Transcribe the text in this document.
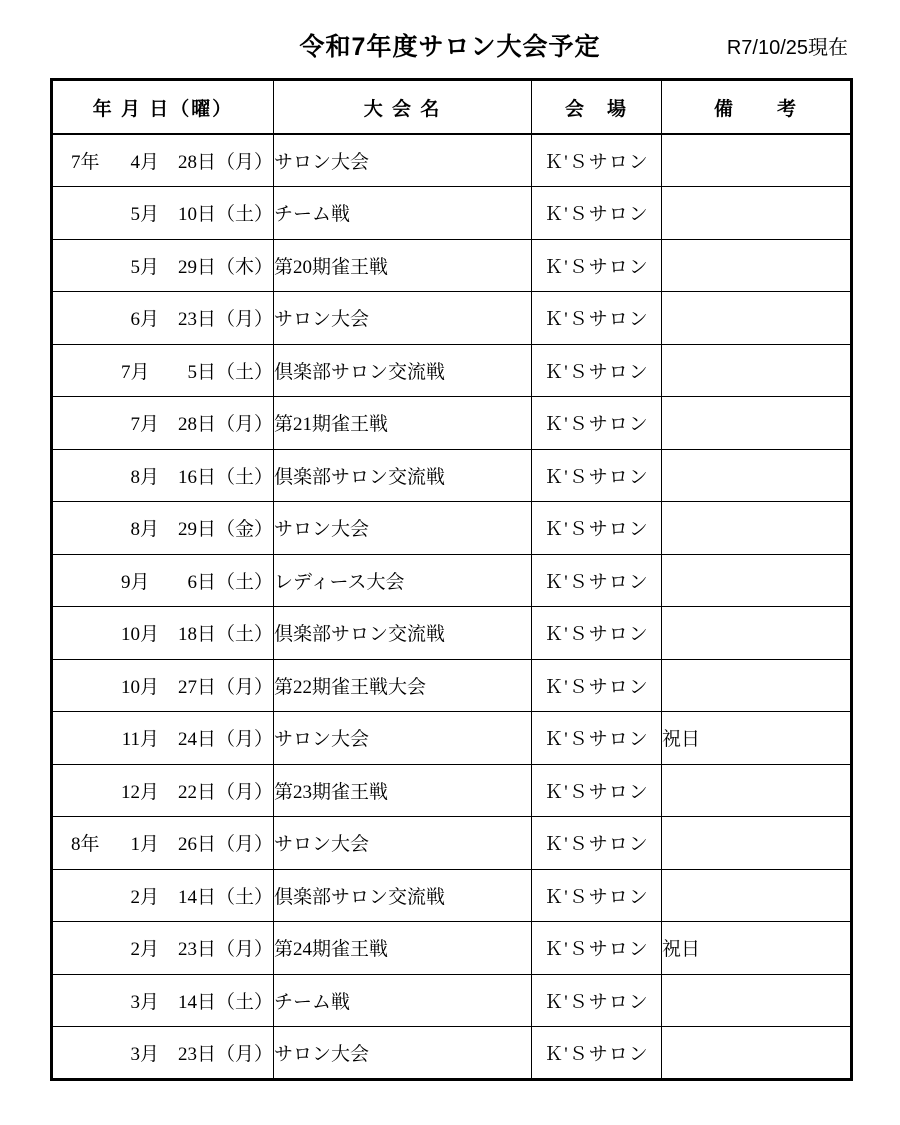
令和7年度サロン大会予定	R7/10/25現在
年 月 日（曜）	大 会 名	会　場	備　　考

7年 4月　28日（月）	サロン大会	Ｋ'Ｓサロン	
5月　10日（土）	チーム戦	Ｋ'Ｓサロン	
5月　29日（木）	第20期雀王戦	Ｋ'Ｓサロン	
6月　23日（月）	サロン大会	Ｋ'Ｓサロン	
7月　　5日（土）	倶楽部サロン交流戦	Ｋ'Ｓサロン	
7月　28日（月）	第21期雀王戦	Ｋ'Ｓサロン	
8月　16日（土）	倶楽部サロン交流戦	Ｋ'Ｓサロン	
8月　29日（金）	サロン大会	Ｋ'Ｓサロン	
9月　　6日（土）	レディース大会	Ｋ'Ｓサロン	
10月　18日（土）	倶楽部サロン交流戦	Ｋ'Ｓサロン	
10月　27日（月）	第22期雀王戦大会	Ｋ'Ｓサロン	
11月　24日（月）	サロン大会	Ｋ'Ｓサロン	祝日
12月　22日（月）	第23期雀王戦	Ｋ'Ｓサロン	

8年 1月　26日（月）	サロン大会	Ｋ'Ｓサロン	
2月　14日（土）	倶楽部サロン交流戦	Ｋ'Ｓサロン	
2月　23日（月）	第24期雀王戦	Ｋ'Ｓサロン	祝日
3月　14日（土）	チーム戦	Ｋ'Ｓサロン	
3月　23日（月）	サロン大会	Ｋ'Ｓサロン	
